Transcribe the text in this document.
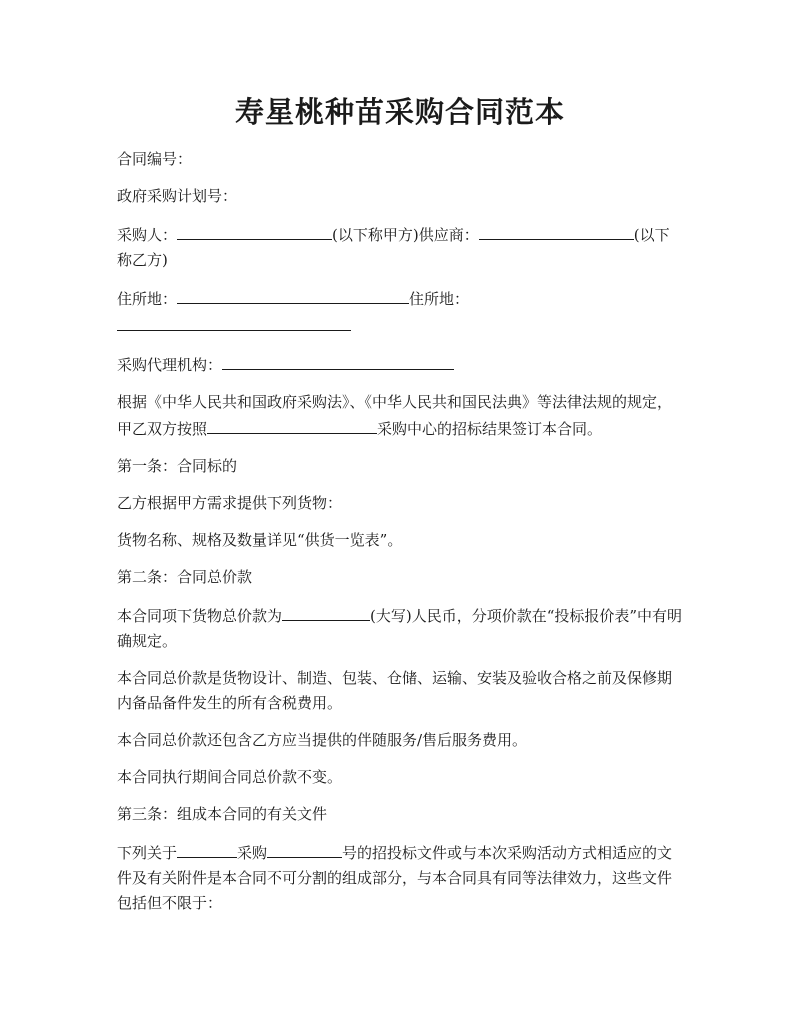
寿星桃种苗采购合同范本

合同编号：

政府采购计划号：

采购人：	(以下称甲方)供应商：	(以下称乙方)

住所地：	住所地：

采购代理机构：

根据《中华人民共和国政府采购法》、《中华人民共和国民法典》等法律法规的规定，甲乙双方按照	采购中心的招标结果签订本合同。

第一条：合同标的

乙方根据甲方需求提供下列货物：

货物名称、规格及数量详见“供货一览表”。

第二条：合同总价款

本合同项下货物总价款为	(大写)人民币，分项价款在“投标报价表”中有明确规定。

本合同总价款是货物设计、制造、包装、仓储、运输、安装及验收合格之前及保修期内备品备件发生的所有含税费用。

本合同总价款还包含乙方应当提供的伴随服务/售后服务费用。

本合同执行期间合同总价款不变。

第三条：组成本合同的有关文件

下列关于	采购	号的招投标文件或与本次采购活动方式相适应的文件及有关附件是本合同不可分割的组成部分，与本合同具有同等法律效力，这些文件包括但不限于：
